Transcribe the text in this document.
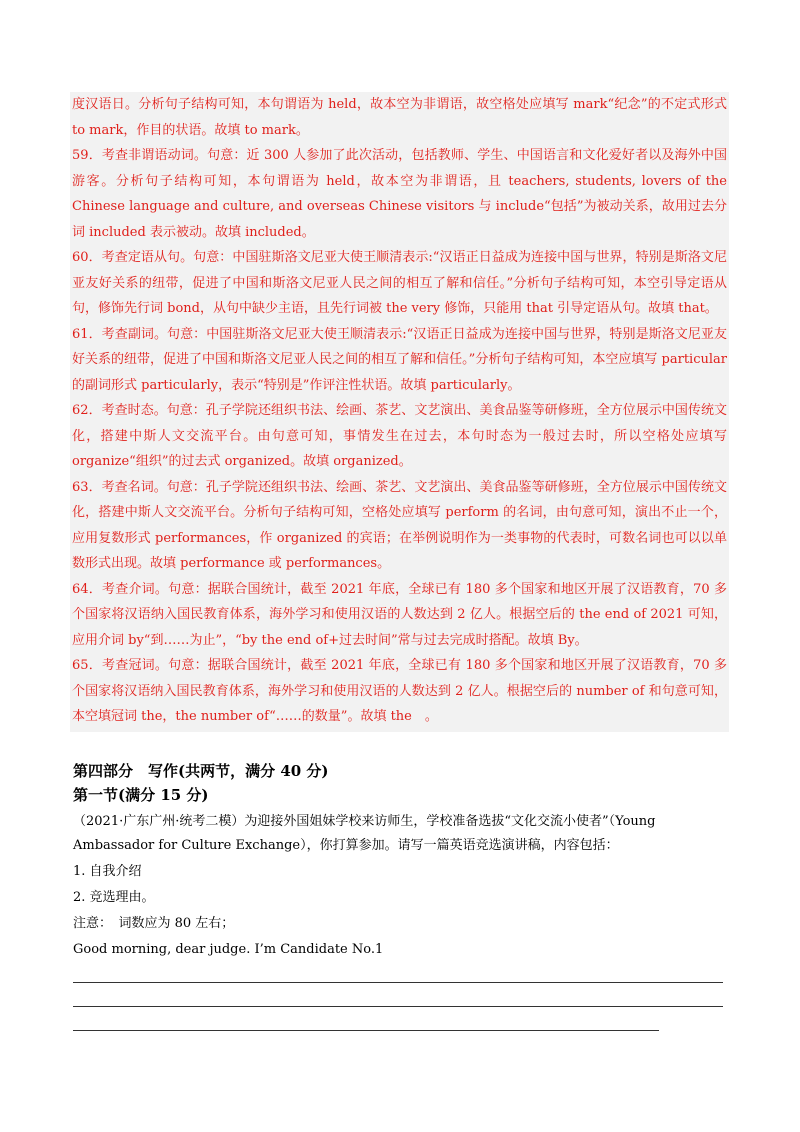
度汉语日。分析句子结构可知，本句谓语为 held，故本空为非谓语，故空格处应填写 mark“纪念”的不定式形式 to mark，作目的状语。故填 to mark。

59．考查非谓语动词。句意：近 300 人参加了此次活动，包括教师、学生、中国语言和文化爱好者以及海外中国游客。分析句子结构可知，本句谓语为 held，故本空为非谓语，且 teachers, students, lovers of the Chinese language and culture, and overseas Chinese visitors 与 include“包括”为被动关系，故用过去分词 included 表示被动。故填 included。

60．考查定语从句。句意：中国驻斯洛文尼亚大使王顺清表示:“汉语正日益成为连接中国与世界，特别是斯洛文尼亚友好关系的纽带，促进了中国和斯洛文尼亚人民之间的相互了解和信任。”分析句子结构可知，本空引导定语从句，修饰先行词 bond，从句中缺少主语，且先行词被 the very 修饰，只能用 that 引导定语从句。故填 that。

61．考查副词。句意：中国驻斯洛文尼亚大使王顺清表示:“汉语正日益成为连接中国与世界，特别是斯洛文尼亚友好关系的纽带，促进了中国和斯洛文尼亚人民之间的相互了解和信任。”分析句子结构可知，本空应填写 particular 的副词形式 particularly，表示“特别是”作评注性状语。故填 particularly。

62．考查时态。句意：孔子学院还组织书法、绘画、茶艺、文艺演出、美食品鉴等研修班，全方位展示中国传统文化，搭建中斯人文交流平台。由句意可知，事情发生在过去，本句时态为一般过去时，所以空格处应填写 organize“组织”的过去式 organized。故填 organized。

63．考查名词。句意：孔子学院还组织书法、绘画、茶艺、文艺演出、美食品鉴等研修班，全方位展示中国传统文化，搭建中斯人文交流平台。分析句子结构可知，空格处应填写 perform 的名词，由句意可知，演出不止一个，应用复数形式 performances，作 organized 的宾语；在举例说明作为一类事物的代表时，可数名词也可以以单数形式出现。故填 performance 或 performances。

64．考查介词。句意：据联合国统计，截至 2021 年底，全球已有 180 多个国家和地区开展了汉语教育，70 多个国家将汉语纳入国民教育体系，海外学习和使用汉语的人数达到 2 亿人。根据空后的 the end of 2021 可知，应用介词 by“到……为止”，“by the end of+过去时间”常与过去完成时搭配。故填 By。

65．考查冠词。句意：据联合国统计，截至 2021 年底，全球已有 180 多个国家和地区开展了汉语教育，70 多个国家将汉语纳入国民教育体系，海外学习和使用汉语的人数达到 2 亿人。根据空后的 number of 和句意可知，本空填冠词 the，the number of“……的数量”。故填 the　。

第四部分　写作(共两节，满分 40 分)

第一节(满分 15 分)

（2021·广东广州·统考二模）为迎接外国姐妹学校来访师生，学校准备选拔“文化交流小使者”（Young Ambassador for Culture Exchange），你打算参加。请写一篇英语竞选演讲稿，内容包括：

1. 自我介绍

2. 竞选理由。

注意：　词数应为 80 左右；

Good morning, dear judge. I’m Candidate No.1
